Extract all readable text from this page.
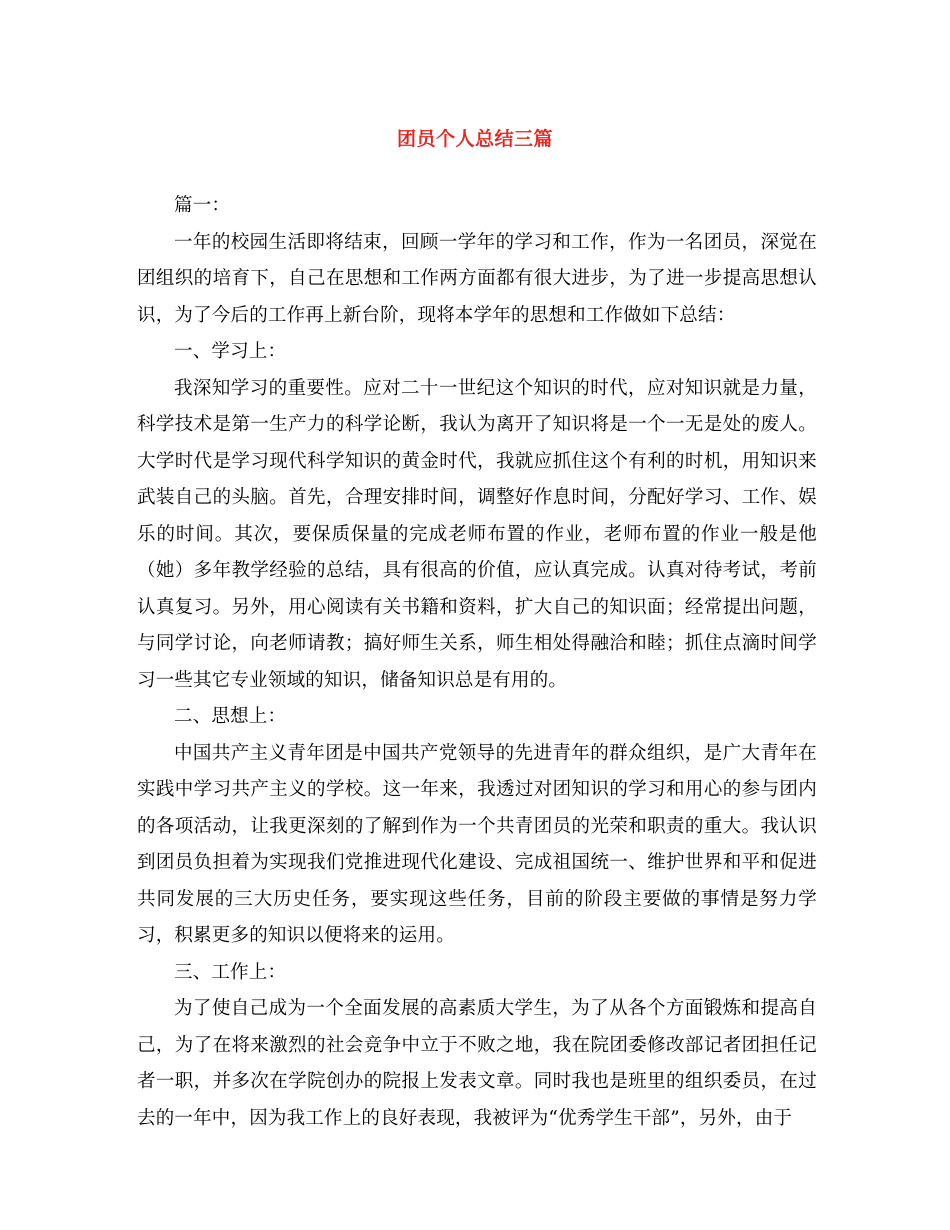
团员个人总结三篇

篇一：

一年的校园生活即将结束，回顾一学年的学习和工作，作为一名团员，深觉在团组织的培育下，自己在思想和工作两方面都有很大进步，为了进一步提高思想认识，为了今后的工作再上新台阶，现将本学年的思想和工作做如下总结：

一、学习上：

我深知学习的重要性。应对二十一世纪这个知识的时代，应对知识就是力量，科学技术是第一生产力的科学论断，我认为离开了知识将是一个一无是处的废人。大学时代是学习现代科学知识的黄金时代，我就应抓住这个有利的时机，用知识来武装自己的头脑。首先，合理安排时间，调整好作息时间，分配好学习、工作、娱乐的时间。其次，要保质保量的完成老师布置的作业，老师布置的作业一般是他（她）多年教学经验的总结，具有很高的价值，应认真完成。认真对待考试，考前认真复习。另外，用心阅读有关书籍和资料，扩大自己的知识面；经常提出问题，与同学讨论，向老师请教；搞好师生关系，师生相处得融洽和睦；抓住点滴时间学习一些其它专业领域的知识，储备知识总是有用的。

二、思想上：

中国共产主义青年团是中国共产党领导的先进青年的群众组织，是广大青年在实践中学习共产主义的学校。这一年来，我透过对团知识的学习和用心的参与团内的各项活动，让我更深刻的了解到作为一个共青团员的光荣和职责的重大。我认识到团员负担着为实现我们党推进现代化建设、完成祖国统一、维护世界和平和促进共同发展的三大历史任务，要实现这些任务，目前的阶段主要做的事情是努力学习，积累更多的知识以便将来的运用。

三、工作上：

为了使自己成为一个全面发展的高素质大学生，为了从各个方面锻炼和提高自己，为了在将来激烈的社会竞争中立于不败之地，我在院团委修改部记者团担任记者一职，并多次在学院创办的院报上发表文章。同时我也是班里的组织委员，在过去的一年中，因为我工作上的良好表现，我被评为“优秀学生干部”，另外，由于
